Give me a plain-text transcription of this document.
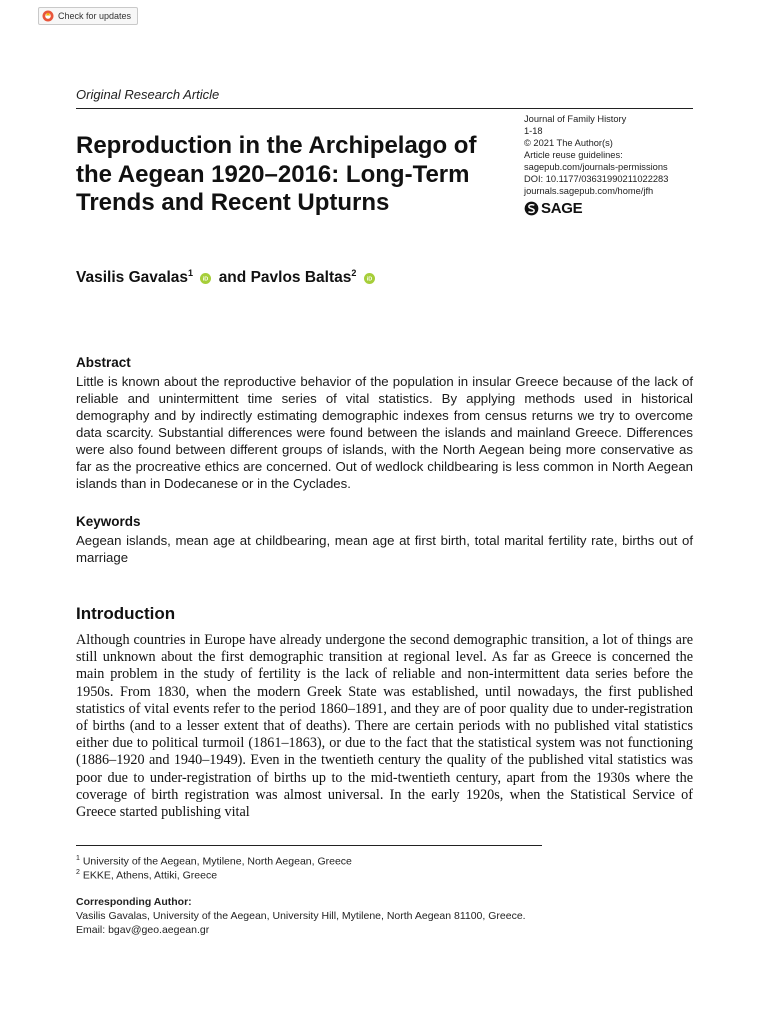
Check for updates
Original Research Article
Reproduction in the Archipelago of the Aegean 1920–2016: Long-Term Trends and Recent Upturns
Journal of Family History
1-18
© 2021 The Author(s)
Article reuse guidelines:
sagepub.com/journals-permissions
DOI: 10.1177/03631990211022283
journals.sagepub.com/home/jfh
SAGE
Vasilis Gavalas$^1$
iD and Pavlos Baltas$^2$
iD
Abstract

Little is known about the reproductive behavior of the population in insular Greece because of the lack of reliable and unintermittent time series of vital statistics. By applying methods used in historical demography and by indirectly estimating demographic indexes from census returns we try to overcome data scarcity. Substantial differences were found between the islands and mainland Greece. Differences were also found between different groups of islands, with the North Aegean being more conservative as far as the procreative ethics are concerned. Out of wedlock childbearing is less common in North Aegean islands than in Dodecanese or in the Cyclades.

Keywords

Aegean islands, mean age at childbearing, mean age at first birth, total marital fertility rate, births out of marriage

Introduction

Although countries in Europe have already undergone the second demographic transition, a lot of things are still unknown about the first demographic transition at regional level. As far as Greece is concerned the main problem in the study of fertility is the lack of reliable and non-intermittent data series before the 1950s. From 1830, when the modern Greek State was established, until nowadays, the first published statistics of vital events refer to the period 1860–1891, and they are of poor quality due to under-registration of births (and to a lesser extent that of deaths). There are certain periods with no published vital statistics either due to political turmoil (1861–1863), or due to the fact that the statistical system was not functioning (1886–1920 and 1940–1949). Even in the twentieth century the quality of the published vital statistics was poor due to under-registration of births up to the mid-twentieth century, apart from the 1930s where the coverage of birth registration was almost universal. In the early 1920s, when the Statistical Service of Greece started publishing vital

$^1$ University of the Aegean, Mytilene, North Aegean, Greece
$^2$ EKKE, Athens, Attiki, Greece
Corresponding Author:
Vasilis Gavalas, University of the Aegean, University Hill, Mytilene, North Aegean 81100, Greece.
Email: bgav@geo.aegean.gr
